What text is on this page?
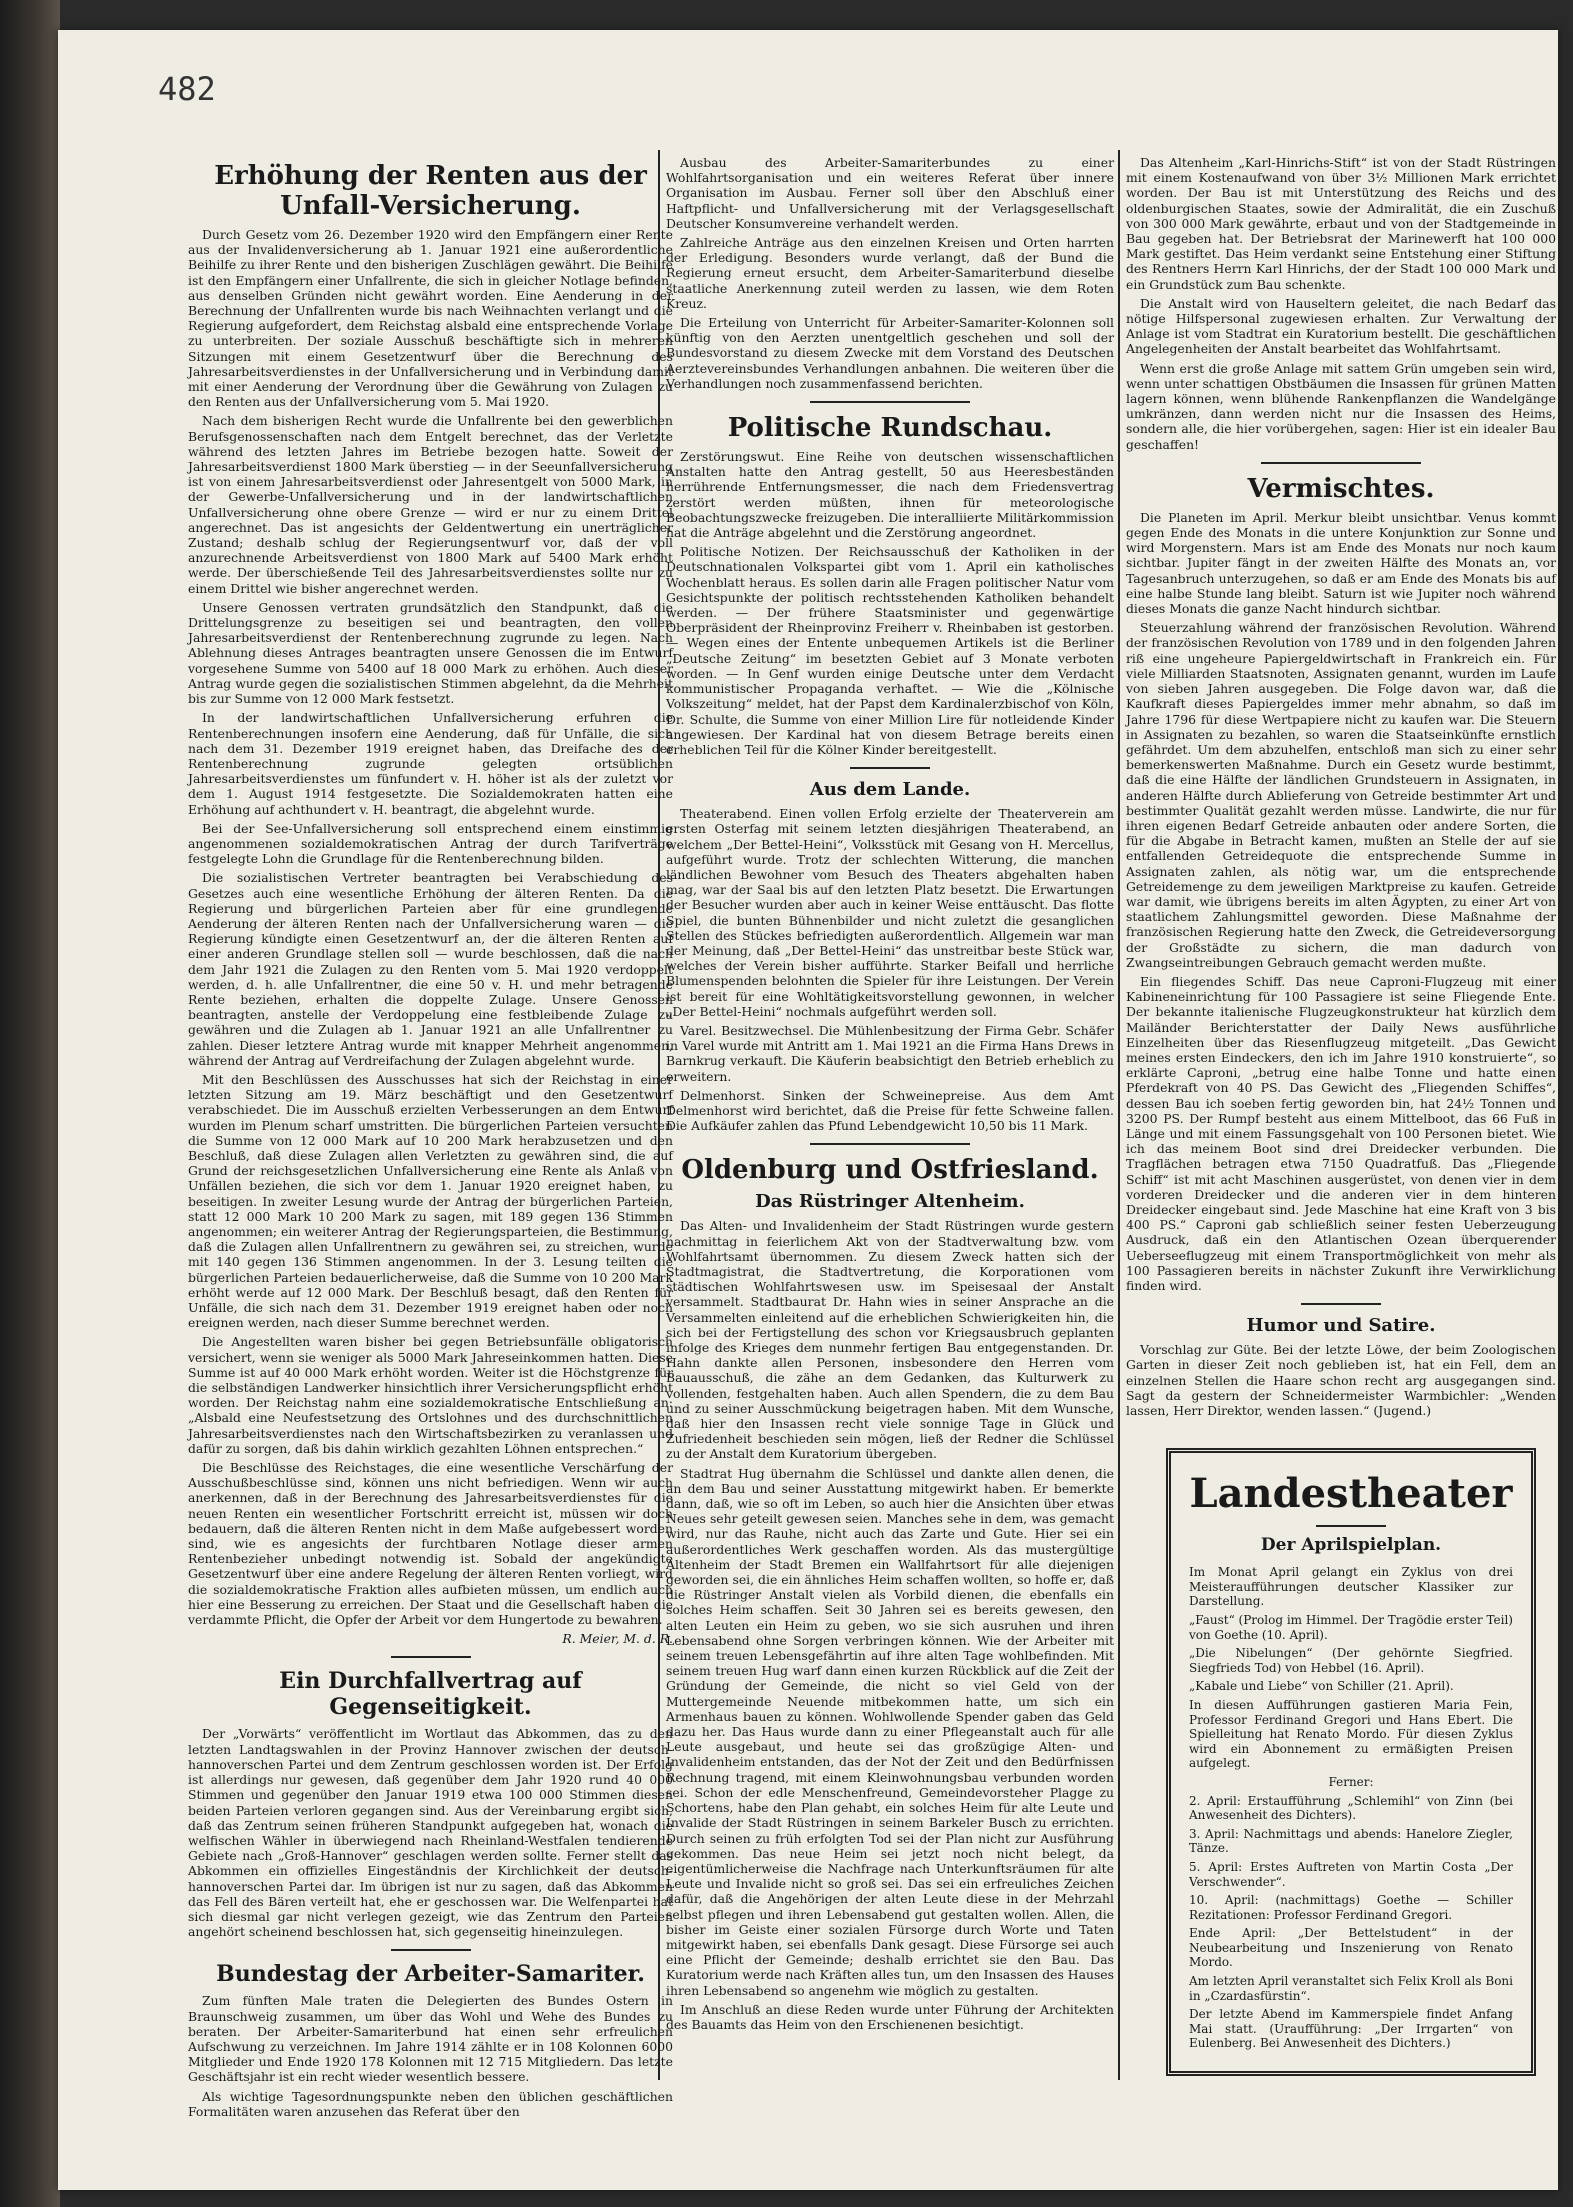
482
Erhöhung der Renten aus der Unfall-Versicherung.

Durch Gesetz vom 26. Dezember 1920 wird den Empfängern einer Rente aus der Invalidenversicherung ab 1. Januar 1921 eine außerordentliche Beihilfe zu ihrer Rente und den bisherigen Zuschlägen gewährt. Die Beihilfe ist den Empfängern einer Unfallrente, die sich in gleicher Notlage befinden, aus denselben Gründen nicht gewährt worden. Eine Aenderung in der Berechnung der Unfallrenten wurde bis nach Weihnachten verlangt und die Regierung aufgefordert, dem Reichstag alsbald eine entsprechende Vorlage zu unterbreiten. Der soziale Ausschuß beschäftigte sich in mehreren Sitzungen mit einem Gesetzentwurf über die Berechnung des Jahresarbeitsverdienstes in der Unfallversicherung und in Verbindung damit mit einer Aenderung der Verordnung über die Gewährung von Zulagen zu den Renten aus der Unfallversicherung vom 5. Mai 1920.

Nach dem bisherigen Recht wurde die Unfallrente bei den gewerblichen Berufsgenossenschaften nach dem Entgelt berechnet, das der Verletzte während des letzten Jahres im Betriebe bezogen hatte. Soweit der Jahresarbeitsverdienst 1800 Mark überstieg — in der Seeunfallversicherung ist von einem Jahresarbeitsverdienst oder Jahresentgelt von 5000 Mark, in der Gewerbe-Unfallversicherung und in der landwirtschaftlichen Unfallversicherung ohne obere Grenze — wird er nur zu einem Drittel angerechnet. Das ist angesichts der Geldentwertung ein unerträglicher Zustand; deshalb schlug der Regierungsentwurf vor, daß der voll anzurechnende Arbeitsverdienst von 1800 Mark auf 5400 Mark erhöht werde. Der überschießende Teil des Jahresarbeitsverdienstes sollte nur zu einem Drittel wie bisher angerechnet werden.

Unsere Genossen vertraten grundsätzlich den Standpunkt, daß die Drittelungsgrenze zu beseitigen sei und beantragten, den vollen Jahresarbeitsverdienst der Rentenberechnung zugrunde zu legen. Nach Ablehnung dieses Antrages beantragten unsere Genossen die im Entwurf vorgesehene Summe von 5400 auf 18 000 Mark zu erhöhen. Auch dieser Antrag wurde gegen die sozialistischen Stimmen abgelehnt, da die Mehrheit bis zur Summe von 12 000 Mark festsetzt.

In der landwirtschaftlichen Unfallversicherung erfuhren die Rentenberechnungen insofern eine Aenderung, daß für Unfälle, die sich nach dem 31. Dezember 1919 ereignet haben, das Dreifache des der Rentenberechnung zugrunde gelegten ortsüblichen Jahresarbeitsverdienstes um fünfundert v. H. höher ist als der zuletzt vor dem 1. August 1914 festgesetzte. Die Sozialdemokraten hatten eine Erhöhung auf achthundert v. H. beantragt, die abgelehnt wurde.

Bei der See-Unfallversicherung soll entsprechend einem einstimmig angenommenen sozialdemokratischen Antrag der durch Tarifverträge festgelegte Lohn die Grundlage für die Rentenberechnung bilden.

Die sozialistischen Vertreter beantragten bei Verabschiedung des Gesetzes auch eine wesentliche Erhöhung der älteren Renten. Da die Regierung und bürgerlichen Parteien aber für eine grundlegende Aenderung der älteren Renten nach der Unfallversicherung waren — die Regierung kündigte einen Gesetzentwurf an, der die älteren Renten auf einer anderen Grundlage stellen soll — wurde beschlossen, daß die nach dem Jahr 1921 die Zulagen zu den Renten vom 5. Mai 1920 verdoppelt werden, d. h. alle Unfallrentner, die eine 50 v. H. und mehr betragende Rente beziehen, erhalten die doppelte Zulage. Unsere Genossen beantragten, anstelle der Verdoppelung eine festbleibende Zulage zu gewähren und die Zulagen ab 1. Januar 1921 an alle Unfallrentner zu zahlen. Dieser letztere Antrag wurde mit knapper Mehrheit angenommen, während der Antrag auf Verdreifachung der Zulagen abgelehnt wurde.

Mit den Beschlüssen des Ausschusses hat sich der Reichstag in einer letzten Sitzung am 19. März beschäftigt und den Gesetzentwurf verabschiedet. Die im Ausschuß erzielten Verbesserungen an dem Entwurf wurden im Plenum scharf umstritten. Die bürgerlichen Parteien versuchten die Summe von 12 000 Mark auf 10 200 Mark herabzusetzen und den Beschluß, daß diese Zulagen allen Verletzten zu gewähren sind, die auf Grund der reichsgesetzlichen Unfallversicherung eine Rente als Anlaß von Unfällen beziehen, die sich vor dem 1. Januar 1920 ereignet haben, zu beseitigen. In zweiter Lesung wurde der Antrag der bürgerlichen Parteien, statt 12 000 Mark 10 200 Mark zu sagen, mit 189 gegen 136 Stimmen angenommen; ein weiterer Antrag der Regierungsparteien, die Bestimmung, daß die Zulagen allen Unfallrentnern zu gewähren sei, zu streichen, wurde mit 140 gegen 136 Stimmen angenommen. In der 3. Lesung teilten die bürgerlichen Parteien bedauerlicherweise, daß die Summe von 10 200 Mark erhöht werde auf 12 000 Mark. Der Beschluß besagt, daß den Renten für Unfälle, die sich nach dem 31. Dezember 1919 ereignet haben oder noch ereignen werden, nach dieser Summe berechnet werden.

Die Angestellten waren bisher bei gegen Betriebsunfälle obligatorisch versichert, wenn sie weniger als 5000 Mark Jahreseinkommen hatten. Diese Summe ist auf 40 000 Mark erhöht worden. Weiter ist die Höchstgrenze für die selbständigen Landwerker hinsichtlich ihrer Versicherungspflicht erhöht worden. Der Reichstag nahm eine sozialdemokratische Entschließung an: „Alsbald eine Neufestsetzung des Ortslohnes und des durchschnittlichen Jahresarbeitsverdienstes nach den Wirtschaftsbezirken zu veranlassen und dafür zu sorgen, daß bis dahin wirklich gezahlten Löhnen entsprechen.“

Die Beschlüsse des Reichstages, die eine wesentliche Verschärfung der Ausschußbeschlüsse sind, können uns nicht befriedigen. Wenn wir auch anerkennen, daß in der Berechnung des Jahresarbeitsverdienstes für die neuen Renten ein wesentlicher Fortschritt erreicht ist, müssen wir doch bedauern, daß die älteren Renten nicht in dem Maße aufgebessert worden sind, wie es angesichts der furchtbaren Notlage dieser armen Rentenbezieher unbedingt notwendig ist. Sobald der angekündigte Gesetzentwurf über eine andere Regelung der älteren Renten vorliegt, wird die sozialdemokratische Fraktion alles aufbieten müssen, um endlich auch hier eine Besserung zu erreichen. Der Staat und die Gesellschaft haben die verdammte Pflicht, die Opfer der Arbeit vor dem Hungertode zu bewahren.

R. Meier, M. d. R.

Ein Durchfallvertrag auf Gegenseitigkeit.

Der „Vorwärts“ veröffentlicht im Wortlaut das Abkommen, das zu den letzten Landtagswahlen in der Provinz Hannover zwischen der deutsch-hannoverschen Partei und dem Zentrum geschlossen worden ist. Der Erfolg ist allerdings nur gewesen, daß gegenüber dem Jahr 1920 rund 40 000 Stimmen und gegenüber den Januar 1919 etwa 100 000 Stimmen diesen beiden Parteien verloren gegangen sind. Aus der Vereinbarung ergibt sich, daß das Zentrum seinen früheren Standpunkt aufgegeben hat, wonach die welfischen Wähler in überwiegend nach Rheinland-Westfalen tendierende Gebiete nach „Groß-Hannover“ geschlagen werden sollte. Ferner stellt das Abkommen ein offizielles Eingeständnis der Kirchlichkeit der deutsch-hannoverschen Partei dar. Im übrigen ist nur zu sagen, daß das Abkommen das Fell des Bären verteilt hat, ehe er geschossen war. Die Welfenpartei hat sich diesmal gar nicht verlegen gezeigt, wie das Zentrum den Parteien angehört scheinend beschlossen hat, sich gegenseitig hineinzulegen.

Bundestag der Arbeiter-Samariter.

Zum fünften Male traten die Delegierten des Bundes Ostern in Braunschweig zusammen, um über das Wohl und Wehe des Bundes zu beraten. Der Arbeiter-Samariterbund hat einen sehr erfreulichen Aufschwung zu verzeichnen. Im Jahre 1914 zählte er in 108 Kolonnen 6000 Mitglieder und Ende 1920 178 Kolonnen mit 12 715 Mitgliedern. Das letzte Geschäftsjahr ist ein recht wieder wesentlich bessere.

Als wichtige Tagesordnungspunkte neben den üblichen geschäftlichen Formalitäten waren anzusehen das Referat über den

Ausbau des Arbeiter-Samariterbundes zu einer Wohlfahrtsorganisation und ein weiteres Referat über innere Organisation im Ausbau. Ferner soll über den Abschluß einer Haftpflicht- und Unfallversicherung mit der Verlagsgesellschaft Deutscher Konsumvereine verhandelt werden.

Zahlreiche Anträge aus den einzelnen Kreisen und Orten harrten der Erledigung. Besonders wurde verlangt, daß der Bund die Regierung erneut ersucht, dem Arbeiter-Samariterbund dieselbe staatliche Anerkennung zuteil werden zu lassen, wie dem Roten Kreuz.

Die Erteilung von Unterricht für Arbeiter-Samariter-Kolonnen soll künftig von den Aerzten unentgeltlich geschehen und soll der Bundesvorstand zu diesem Zwecke mit dem Vorstand des Deutschen Aerztevereinsbundes Verhandlungen anbahnen. Die weiteren über die Verhandlungen noch zusammenfassend berichten.

Politische Rundschau.

Zerstörungswut. Eine Reihe von deutschen wissenschaftlichen Anstalten hatte den Antrag gestellt, 50 aus Heeresbeständen herrührende Entfernungsmesser, die nach dem Friedensvertrag zerstört werden müßten, ihnen für meteorologische Beobachtungszwecke freizugeben. Die interalliierte Militärkommission hat die Anträge abgelehnt und die Zerstörung angeordnet.

Politische Notizen. Der Reichsausschuß der Katholiken in der Deutschnationalen Volkspartei gibt vom 1. April ein katholisches Wochenblatt heraus. Es sollen darin alle Fragen politischer Natur vom Gesichtspunkte der politisch rechtsstehenden Katholiken behandelt werden. — Der frühere Staatsminister und gegenwärtige Oberpräsident der Rheinprovinz Freiherr v. Rheinbaben ist gestorben. — Wegen eines der Entente unbequemen Artikels ist die Berliner „Deutsche Zeitung“ im besetzten Gebiet auf 3 Monate verboten worden. — In Genf wurden einige Deutsche unter dem Verdacht kommunistischer Propaganda verhaftet. — Wie die „Kölnische Volkszeitung“ meldet, hat der Papst dem Kardinalerzbischof von Köln, Dr. Schulte, die Summe von einer Million Lire für notleidende Kinder angewiesen. Der Kardinal hat von diesem Betrage bereits einen erheblichen Teil für die Kölner Kinder bereitgestellt.

Aus dem Lande.

Theaterabend. Einen vollen Erfolg erzielte der Theaterverein am ersten Osterfag mit seinem letzten diesjährigen Theaterabend, an welchem „Der Bettel-Heini“, Volksstück mit Gesang von H. Mercellus, aufgeführt wurde. Trotz der schlechten Witterung, die manchen ländlichen Bewohner vom Besuch des Theaters abgehalten haben mag, war der Saal bis auf den letzten Platz besetzt. Die Erwartungen der Besucher wurden aber auch in keiner Weise enttäuscht. Das flotte Spiel, die bunten Bühnenbilder und nicht zuletzt die gesanglichen Stellen des Stückes befriedigten außerordentlich. Allgemein war man der Meinung, daß „Der Bettel-Heini“ das unstreitbar beste Stück war, welches der Verein bisher aufführte. Starker Beifall und herrliche Blumenspenden belohnten die Spieler für ihre Leistungen. Der Verein ist bereit für eine Wohltätigkeitsvorstellung gewonnen, in welcher „Der Bettel-Heini“ nochmals aufgeführt werden soll.

Varel. Besitzwechsel. Die Mühlenbesitzung der Firma Gebr. Schäfer in Varel wurde mit Antritt am 1. Mai 1921 an die Firma Hans Drews in Barnkrug verkauft. Die Käuferin beabsichtigt den Betrieb erheblich zu erweitern.

Delmenhorst. Sinken der Schweinepreise. Aus dem Amt Delmenhorst wird berichtet, daß die Preise für fette Schweine fallen. Die Aufkäufer zahlen das Pfund Lebendgewicht 10,50 bis 11 Mark.

Oldenburg und Ostfriesland.
Das Rüstringer Altenheim.

Das Alten- und Invalidenheim der Stadt Rüstringen wurde gestern nachmittag in feierlichem Akt von der Stadtverwaltung bzw. vom Wohlfahrtsamt übernommen. Zu diesem Zweck hatten sich der Stadtmagistrat, die Stadtvertretung, die Korporationen vom städtischen Wohlfahrtswesen usw. im Speisesaal der Anstalt versammelt. Stadtbaurat Dr. Hahn wies in seiner Ansprache an die Versammelten einleitend auf die erheblichen Schwierigkeiten hin, die sich bei der Fertigstellung des schon vor Kriegsausbruch geplanten infolge des Krieges dem nunmehr fertigen Bau entgegenstanden. Dr. Hahn dankte allen Personen, insbesondere den Herren vom Bauausschuß, die zähe an dem Gedanken, das Kulturwerk zu vollenden, festgehalten haben. Auch allen Spendern, die zu dem Bau und zu seiner Ausschmückung beigetragen haben. Mit dem Wunsche, daß hier den Insassen recht viele sonnige Tage in Glück und Zufriedenheit beschieden sein mögen, ließ der Redner die Schlüssel zu der Anstalt dem Kuratorium übergeben.

Stadtrat Hug übernahm die Schlüssel und dankte allen denen, die an dem Bau und seiner Ausstattung mitgewirkt haben. Er bemerkte dann, daß, wie so oft im Leben, so auch hier die Ansichten über etwas Neues sehr geteilt gewesen seien. Manches sehe in dem, was gemacht wird, nur das Rauhe, nicht auch das Zarte und Gute. Hier sei ein außerordentliches Werk geschaffen worden. Als das mustergültige Altenheim der Stadt Bremen ein Wallfahrtsort für alle diejenigen geworden sei, die ein ähnliches Heim schaffen wollten, so hoffe er, daß die Rüstringer Anstalt vielen als Vorbild dienen, die ebenfalls ein solches Heim schaffen. Seit 30 Jahren sei es bereits gewesen, den alten Leuten ein Heim zu geben, wo sie sich ausruhen und ihren Lebensabend ohne Sorgen verbringen können. Wie der Arbeiter mit seinem treuen Lebensgefährtin auf ihre alten Tage wohlbefinden. Mit seinem treuen Hug warf dann einen kurzen Rückblick auf die Zeit der Gründung der Gemeinde, die nicht so viel Geld von der Muttergemeinde Neuende mitbekommen hatte, um sich ein Armenhaus bauen zu können. Wohlwollende Spender gaben das Geld dazu her. Das Haus wurde dann zu einer Pflegeanstalt auch für alle Leute ausgebaut, und heute sei das großzügige Alten- und Invalidenheim entstanden, das der Not der Zeit und den Bedürfnissen Rechnung tragend, mit einem Kleinwohnungsbau verbunden worden sei. Schon der edle Menschenfreund, Gemeindevorsteher Plagge zu Schortens, habe den Plan gehabt, ein solches Heim für alte Leute und Invalide der Stadt Rüstringen in seinem Barkeler Busch zu errichten. Durch seinen zu früh erfolgten Tod sei der Plan nicht zur Ausführung gekommen. Das neue Heim sei jetzt noch nicht belegt, da eigentümlicherweise die Nachfrage nach Unterkunftsräumen für alte Leute und Invalide nicht so groß sei. Das sei ein erfreuliches Zeichen dafür, daß die Angehörigen der alten Leute diese in der Mehrzahl selbst pflegen und ihren Lebensabend gut gestalten wollen. Allen, die bisher im Geiste einer sozialen Fürsorge durch Worte und Taten mitgewirkt haben, sei ebenfalls Dank gesagt. Diese Fürsorge sei auch eine Pflicht der Gemeinde; deshalb errichtet sie den Bau. Das Kuratorium werde nach Kräften alles tun, um den Insassen des Hauses ihren Lebensabend so angenehm wie möglich zu gestalten.

Im Anschluß an diese Reden wurde unter Führung der Architekten des Bauamts das Heim von den Erschienenen besichtigt.

Das Altenheim „Karl-Hinrichs-Stift“ ist von der Stadt Rüstringen mit einem Kostenaufwand von über 3½ Millionen Mark errichtet worden. Der Bau ist mit Unterstützung des Reichs und des oldenburgischen Staates, sowie der Admiralität, die ein Zuschuß von 300 000 Mark gewährte, erbaut und von der Stadtgemeinde in Bau gegeben hat. Der Betriebsrat der Marinewerft hat 100 000 Mark gestiftet. Das Heim verdankt seine Entstehung einer Stiftung des Rentners Herrn Karl Hinrichs, der der Stadt 100 000 Mark und ein Grundstück zum Bau schenkte.

Die Anstalt wird von Hauseltern geleitet, die nach Bedarf das nötige Hilfspersonal zugewiesen erhalten. Zur Verwaltung der Anlage ist vom Stadtrat ein Kuratorium bestellt. Die geschäftlichen Angelegenheiten der Anstalt bearbeitet das Wohlfahrtsamt.

Wenn erst die große Anlage mit sattem Grün umgeben sein wird, wenn unter schattigen Obstbäumen die Insassen für grünen Matten lagern können, wenn blühende Rankenpflanzen die Wandelgänge umkränzen, dann werden nicht nur die Insassen des Heims, sondern alle, die hier vorübergehen, sagen: Hier ist ein idealer Bau geschaffen!

Vermischtes.

Die Planeten im April. Merkur bleibt unsichtbar. Venus kommt gegen Ende des Monats in die untere Konjunktion zur Sonne und wird Morgenstern. Mars ist am Ende des Monats nur noch kaum sichtbar. Jupiter fängt in der zweiten Hälfte des Monats an, vor Tagesanbruch unterzugehen, so daß er am Ende des Monats bis auf eine halbe Stunde lang bleibt. Saturn ist wie Jupiter noch während dieses Monats die ganze Nacht hindurch sichtbar.

Steuerzahlung während der französischen Revolution. Während der französischen Revolution von 1789 und in den folgenden Jahren riß eine ungeheure Papiergeldwirtschaft in Frankreich ein. Für viele Milliarden Staatsnoten, Assignaten genannt, wurden im Laufe von sieben Jahren ausgegeben. Die Folge davon war, daß die Kaufkraft dieses Papiergeldes immer mehr abnahm, so daß im Jahre 1796 für diese Wertpapiere nicht zu kaufen war. Die Steuern in Assignaten zu bezahlen, so waren die Staatseinkünfte ernstlich gefährdet. Um dem abzuhelfen, entschloß man sich zu einer sehr bemerkenswerten Maßnahme. Durch ein Gesetz wurde bestimmt, daß die eine Hälfte der ländlichen Grundsteuern in Assignaten, in anderen Hälfte durch Ablieferung von Getreide bestimmter Art und bestimmter Qualität gezahlt werden müsse. Landwirte, die nur für ihren eigenen Bedarf Getreide anbauten oder andere Sorten, die für die Abgabe in Betracht kamen, mußten an Stelle der auf sie entfallenden Getreidequote die entsprechende Summe in Assignaten zahlen, als nötig war, um die entsprechende Getreidemenge zu dem jeweiligen Marktpreise zu kaufen. Getreide war damit, wie übrigens bereits im alten Ägypten, zu einer Art von staatlichem Zahlungsmittel geworden. Diese Maßnahme der französischen Regierung hatte den Zweck, die Getreideversorgung der Großstädte zu sichern, die man dadurch von Zwangseintreibungen Gebrauch gemacht werden mußte.

Ein fliegendes Schiff. Das neue Caproni-Flugzeug mit einer Kabineneinrichtung für 100 Passagiere ist seine Fliegende Ente. Der bekannte italienische Flugzeugkonstrukteur hat kürzlich dem Mailänder Berichterstatter der Daily News ausführliche Einzelheiten über das Riesenflugzeug mitgeteilt. „Das Gewicht meines ersten Eindeckers, den ich im Jahre 1910 konstruierte“, so erklärte Caproni, „betrug eine halbe Tonne und hatte einen Pferdekraft von 40 PS. Das Gewicht des „Fliegenden Schiffes“, dessen Bau ich soeben fertig geworden bin, hat 24½ Tonnen und 3200 PS. Der Rumpf besteht aus einem Mittelboot, das 66 Fuß in Länge und mit einem Fassungsgehalt von 100 Personen bietet. Wie ich das meinem Boot sind drei Dreidecker verbunden. Die Tragflächen betragen etwa 7150 Quadratfuß. Das „Fliegende Schiff“ ist mit acht Maschinen ausgerüstet, von denen vier in dem vorderen Dreidecker und die anderen vier in dem hinteren Dreidecker eingebaut sind. Jede Maschine hat eine Kraft von 3 bis 400 PS.“ Caproni gab schließlich seiner festen Ueberzeugung Ausdruck, daß ein den Atlantischen Ozean überquerender Ueberseeflugzeug mit einem Transportmöglichkeit von mehr als 100 Passagieren bereits in nächster Zukunft ihre Verwirklichung finden wird.

Humor und Satire.

Vorschlag zur Güte. Bei der letzte Löwe, der beim Zoologischen Garten in dieser Zeit noch geblieben ist, hat ein Fell, dem an einzelnen Stellen die Haare schon recht arg ausgegangen sind. Sagt da gestern der Schneidermeister Warmbichler: „Wenden lassen, Herr Direktor, wenden lassen.“ (Jugend.)

Landestheater
Der Aprilspielplan.

Im Monat April gelangt ein Zyklus von drei Meisteraufführungen deutscher Klassiker zur Darstellung.

„Faust“ (Prolog im Himmel. Der Tragödie erster Teil) von Goethe (10. April).

„Die Nibelungen“ (Der gehörnte Siegfried. Siegfrieds Tod) von Hebbel (16. April).

„Kabale und Liebe“ von Schiller (21. April).

In diesen Aufführungen gastieren Maria Fein, Professor Ferdinand Gregori und Hans Ebert. Die Spielleitung hat Renato Mordo. Für diesen Zyklus wird ein Abonnement zu ermäßigten Preisen aufgelegt.

Ferner:

2. April: Erstaufführung „Schlemihl“ von Zinn (bei Anwesenheit des Dichters).

3. April: Nachmittags und abends: Hanelore Ziegler, Tänze.

5. April: Erstes Auftreten von Martin Costa „Der Verschwender“.

10. April: (nachmittags) Goethe — Schiller Rezitationen: Professor Ferdinand Gregori.

Ende April: „Der Bettelstudent“ in der Neubearbeitung und Inszenierung von Renato Mordo.

Am letzten April veranstaltet sich Felix Kroll als Boni in „Czardasfürstin“.

Der letzte Abend im Kammerspiele findet Anfang Mai statt. (Uraufführung: „Der Irrgarten“ von Eulenberg. Bei Anwesenheit des Dichters.)
